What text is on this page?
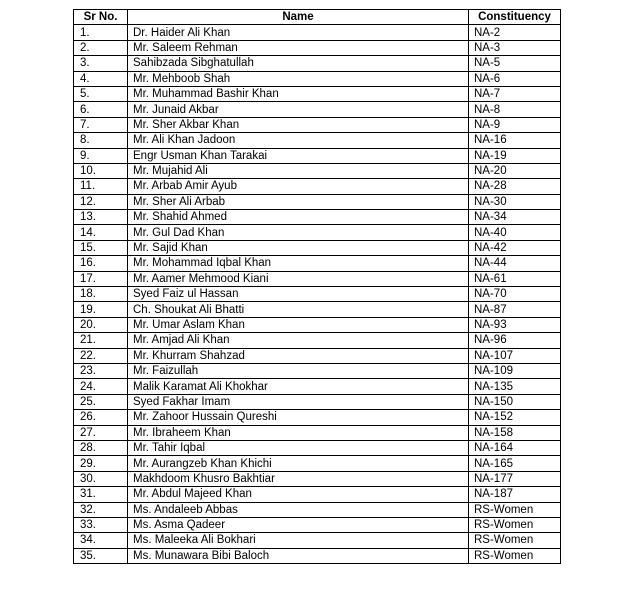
Sr No.	Name	Constituency
1.	Dr. Haider Ali Khan	NA-2
2.	Mr. Saleem Rehman	NA-3
3.	Sahibzada Sibghatullah	NA-5
4.	Mr. Mehboob Shah	NA-6
5.	Mr. Muhammad Bashir Khan	NA-7
6.	Mr. Junaid Akbar	NA-8
7.	Mr. Sher Akbar Khan	NA-9
8.	Mr. Ali Khan Jadoon	NA-16
9.	Engr Usman Khan Tarakai	NA-19
10.	Mr. Mujahid Ali	NA-20
11.	Mr. Arbab Amir Ayub	NA-28
12.	Mr. Sher Ali Arbab	NA-30
13.	Mr. Shahid Ahmed	NA-34
14.	Mr. Gul Dad Khan	NA-40
15.	Mr. Sajid Khan	NA-42
16.	Mr. Mohammad Iqbal Khan	NA-44
17.	Mr. Aamer Mehmood Kiani	NA-61
18.	Syed Faiz ul Hassan	NA-70
19.	Ch. Shoukat Ali Bhatti	NA-87
20.	Mr. Umar Aslam Khan	NA-93
21.	Mr. Amjad Ali Khan	NA-96
22.	Mr. Khurram Shahzad	NA-107
23.	Mr. Faizullah	NA-109
24.	Malik Karamat Ali Khokhar	NA-135
25.	Syed Fakhar Imam	NA-150
26.	Mr. Zahoor Hussain Qureshi	NA-152
27.	Mr. Ibraheem Khan	NA-158
28.	Mr. Tahir Iqbal	NA-164
29.	Mr. Aurangzeb Khan Khichi	NA-165
30.	Makhdoom Khusro Bakhtiar	NA-177
31.	Mr. Abdul Majeed Khan	NA-187
32.	Ms. Andaleeb Abbas	RS-Women
33.	Ms. Asma Qadeer	RS-Women
34.	Ms. Maleeka Ali Bokhari	RS-Women
35.	Ms. Munawara Bibi Baloch	RS-Women
